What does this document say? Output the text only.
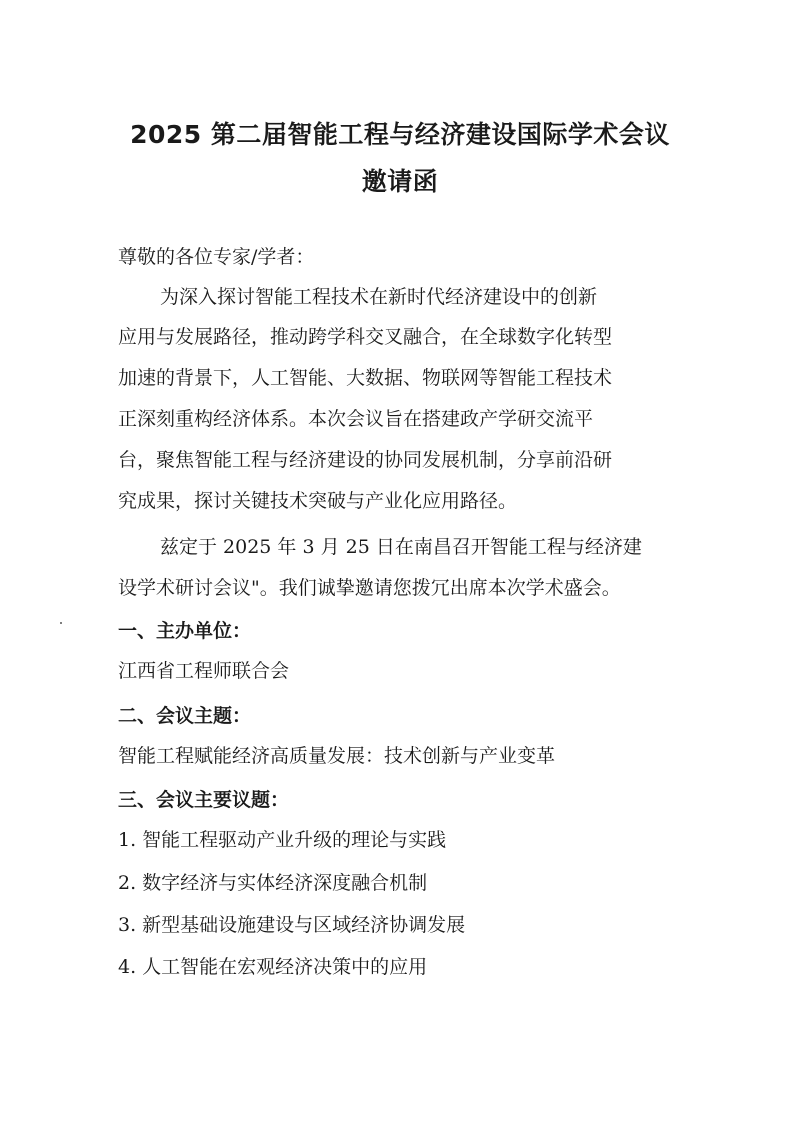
2025 第二届智能工程与经济建设国际学术会议
邀请函
尊敬的各位专家/学者：
为深入探讨智能工程技术在新时代经济建设中的创新
应用与发展路径，推动跨学科交叉融合，在全球数字化转型
加速的背景下，人工智能、大数据、物联网等智能工程技术
正深刻重构经济体系。本次会议旨在搭建政产学研交流平
台，聚焦智能工程与经济建设的协同发展机制，分享前沿研
究成果，探讨关键技术突破与产业化应用路径。
兹定于 2025 年 3 月 25 日在南昌召开智能工程与经济建
设学术研讨会议"。我们诚挚邀请您拨冗出席本次学术盛会。
一、主办单位：
江西省工程师联合会
二、会议主题：
智能工程赋能经济高质量发展：技术创新与产业变革
三、会议主要议题：
1. 智能工程驱动产业升级的理论与实践
2. 数字经济与实体经济深度融合机制
3. 新型基础设施建设与区域经济协调发展
4. 人工智能在宏观经济决策中的应用
